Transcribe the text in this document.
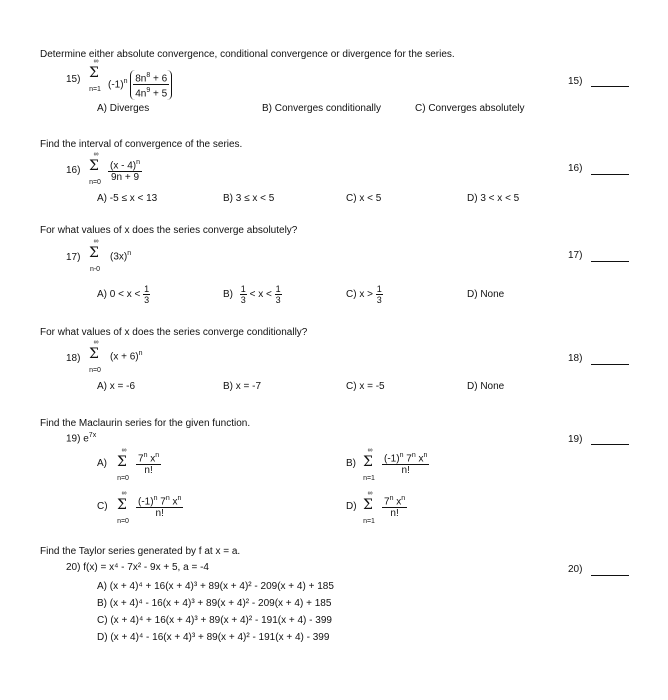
Determine either absolute convergence, conditional convergence or divergence for the series.
15)
∞
Σ
n=1 $(-1)^n \frac{8n^8 + 6}{4n^9 + 5}$	15)
A) Diverges	B) Converges conditionally	C) Converges absolutely
Find the interval of convergence of the series.
16)
∞
Σ
$n=0 \frac{(x - 4)^n}{9n + 9}$	16)
A) -5 ≤ x < 13	B) 3 ≤ x < 5	C) x < 5	D) 3 < x < 5
For what values of x does the series converge absolutely?
17)
∞
Σ
n-0
$(3x)^n$	17)
A) $0 < x < \frac{1}{3}$	$B) \frac{1}{3} < x < \frac{1}{3}$	C) $x > \frac{1}{3}$	D) None
For what values of x does the series converge conditionally?
18)
∞
Σ
n=0
$(x + 6)^n$	18)
A) x = -6	B) x = -7	C) x = -5	D) None
Find the Maclaurin series for the given function.
19) $e^{7x}$	19)
A)
∞
Σ
n=0
$\frac{7^n x^n}{n!}$	B)
∞
Σ
n=1
$\frac{(-1)^n 7^n x^n}{n!}$
C)
∞
Σ
n=0
$\frac{(-1)^n 7^n x^n}{n!}$	D)
∞
Σ
n=1
$\frac{7^n x^n}{n!}$
Find the Taylor series generated by f at x = a.
20) f(x) = x⁴ - 7x² - 9x + 5, a = -4	20)
A) (x + 4)⁴ + 16(x + 4)³ + 89(x + 4)² - 209(x + 4) + 185
B) (x + 4)⁴ - 16(x + 4)³ + 89(x + 4)² - 209(x + 4) + 185
C) (x + 4)⁴ + 16(x + 4)³ + 89(x + 4)² - 191(x + 4) - 399
D) (x + 4)⁴ - 16(x + 4)³ + 89(x + 4)² - 191(x + 4) - 399
